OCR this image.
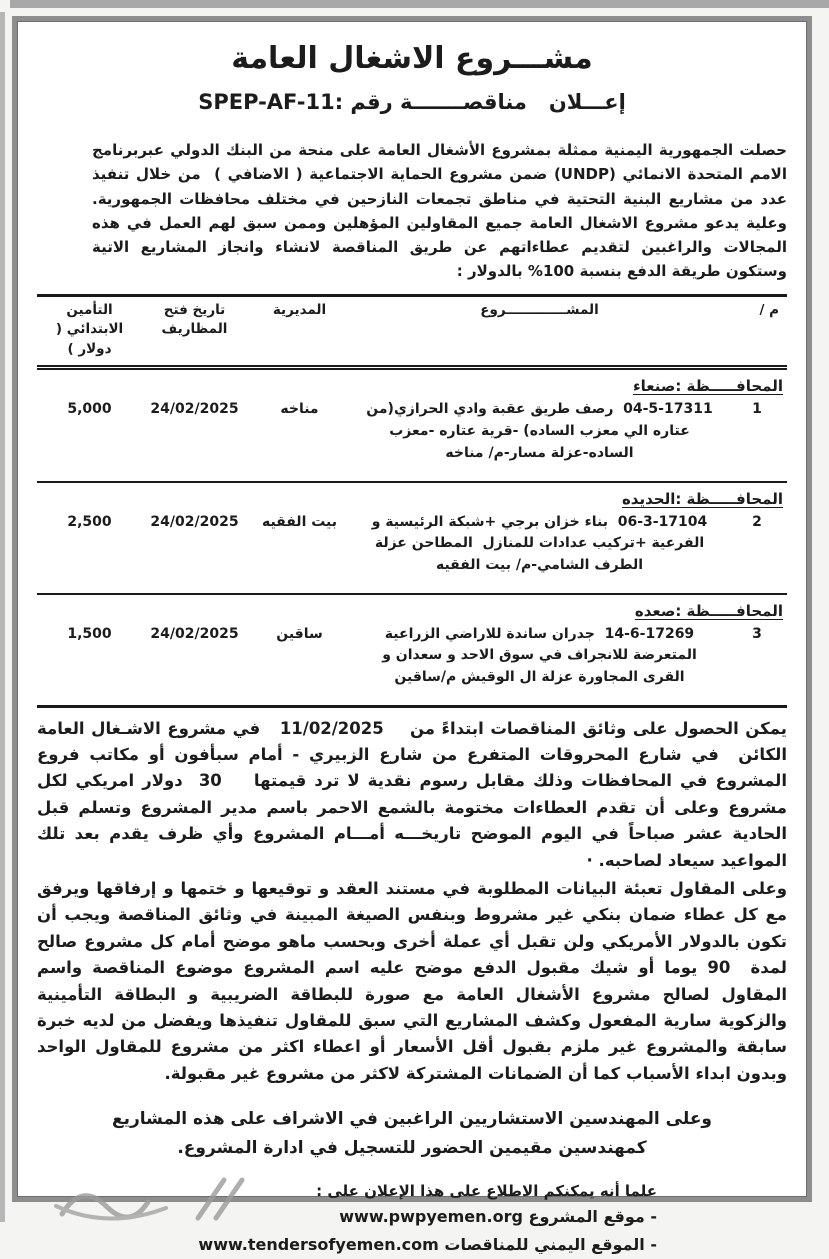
مشـــروع الاشغال العامة
إعـــلان   مناقصـــــــة رقم :SPEP-AF-11

حصلت الجمهورية اليمنية ممثلة بمشروع الأشغال العامة على منحة من البنك الدولي عبربرنامج الامم المتحدة الانمائي (UNDP) ضمن مشروع الحماية الاجتماعية ( الاضافي )  من خلال تنفيذ عدد من مشاريع البنية التحتية في مناطق تجمعات النازحين في مختلف محافظات الجمهورية. وعلية يدعو مشروع الاشغال العامة جميع المقاولين المؤهلين وممن سبق لهم العمل في هذه المجالات والراغبين لتقديم عطاءاتهم عن طريق المناقصة لانشاء وانجاز المشاريع الاتية وستكون طريقة الدفع بنسبة 100% بالدولار :

م /
المشـــــــــــــروع
المديرية
تاريخ فتح المظاريف
التأمين الابتدائي ( دولار )
المحافـــــظة :صنعاء
1
04-5-17311  رصف طريق عقبة وادي الحرازي(من عتاره الي معزب الساده) -قرية عتاره -معزب الساده-عزلة مسار-م/ مناخه
مناخه
24/02/2025
5,000
المحافـــــظة :الحديده
2
06-3-17104  بناء خزان برجي +شبكة الرئيسية و الفرعية +تركيب عدادات للمنازل  المطاحن عزلة الطرف الشامي-م/ بيت الفقيه
بيت الفقيه
24/02/2025
2,500
المحافـــــظة :صعده
3
14-6-17269  جدران ساندة للاراضي الزراعية المتعرضة للانجراف في سوق الاحد و سعدان و القرى المجاورة عزلة ال الوقيش م/ساقين
ساقين
24/02/2025
1,500

يمكن الحصول على وثائق المناقصات ابتداءً من    11/02/2025   في مشروع الاشـغال العامة الكائن  في شارع المحروقات المتفرع من شارع الزبيري - أمام سبأفون أو مكاتب فروع المشروع في المحافظات وذلك مقابل رسوم نقدية لا ترد قيمتها    30  دولار امريكي لكل مشروع وعلى أن تقدم العطاءات مختومة بالشمع الاحمر باسم مدير المشروع وتسلم قبل الحادية عشر صباحاً في اليوم الموضح تاريخـــه أمـــام المشروع وأي ظرف يقدم بعد تلك المواعيد سيعاد لصاحبه. ·

وعلى المقاول تعبئة البيانات المطلوبة في مستند العقد و توقيعها و ختمها و إرفاقها ويرفق مع كل عطاء ضمان بنكي غير مشروط وبنفس الصيغة المبينة في وثائق المناقصة ويجب أن تكون بالدولار الأمريكي ولن تقبل أي عملة أخرى وبحسب ماهو موضح أمام كل مشروع صالح لمدة  90 يوما أو شيك مقبول الدفع موضح عليه اسم المشروع موضوع المناقصة واسم المقاول لصالح مشروع الأشغال العامة مع صورة للبطاقة الضريبية و البطاقة التأمينية والزكوية سارية المفعول وكشف المشاريع التي سبق للمقاول تنفيذها ويفضل من لديه خبرة سابقة والمشروع غير ملزم بقبول أقل الأسعار أو اعطاء اكثر من مشروع للمقاول الواحد وبدون ابداء الأسباب كما أن الضمانات المشتركة لاكثر من مشروع غير مقبولة.

وعلى المهندسين الاستشاريين الراغبين في الاشراف على هذه المشاريع كمهندسين مقيمين الحضور للتسجيل في ادارة المشروع.

علما أنه يمكنكم الاطلاع على هذا الإعلان على :

- موقع المشروع www.pwpyemen.org
- الموقع اليمني للمناقصات www.tendersofyemen.com
